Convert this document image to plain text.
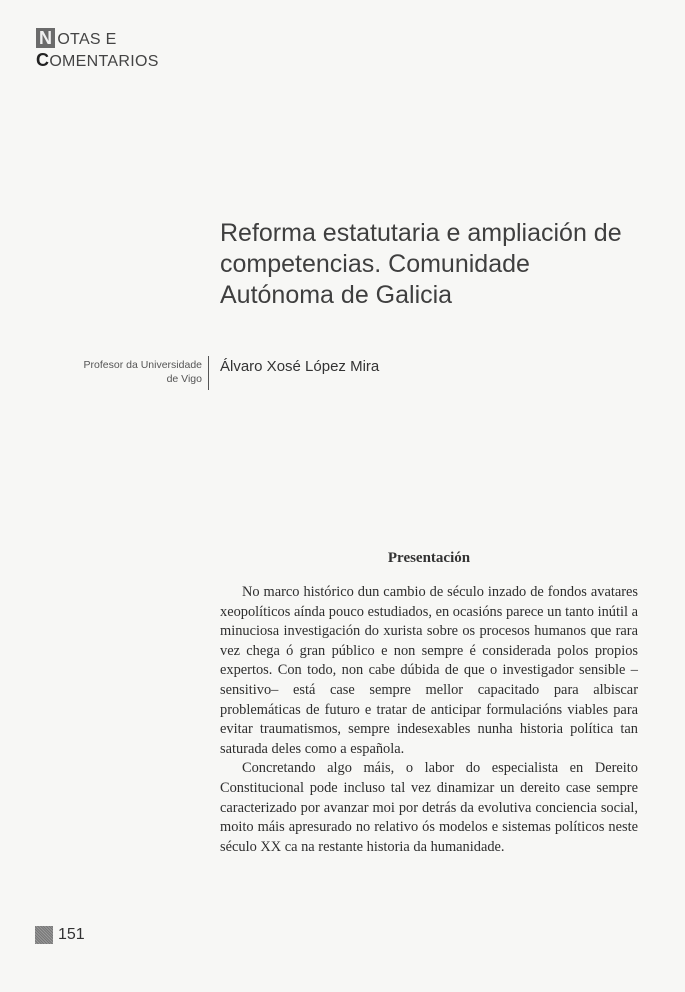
N OTAS E
COMENTARIOS
Reforma estatutaria e ampliación de competencias. Comunidade Autónoma de Galicia
Profesor da Universidade
de Vigo
Álvaro Xosé López Mira
Presentación

No marco histórico dun cambio de século inzado de fondos avatares xeopolíticos aínda pouco estudiados, en ocasións parece un tanto inútil a minuciosa investigación do xurista sobre os procesos humanos que rara vez chega ó gran público e non sempre é considerada polos propios expertos. Con todo, non cabe dúbida de que o investigador sensible –sensitivo– está case sempre mellor capacitado para albiscar problemáticas de futuro e tratar de anticipar formulacións viables para evitar traumatismos, sempre indesexables nunha historia política tan saturada deles como a española.

Concretando algo máis, o labor do especialista en Dereito Constitucional pode incluso tal vez dinamizar un dereito case sempre caracterizado por avanzar moi por detrás da evolutiva conciencia social, moito máis apresurado no relativo ós modelos e sistemas políticos neste século XX ca na restante historia da humanidade.

151
